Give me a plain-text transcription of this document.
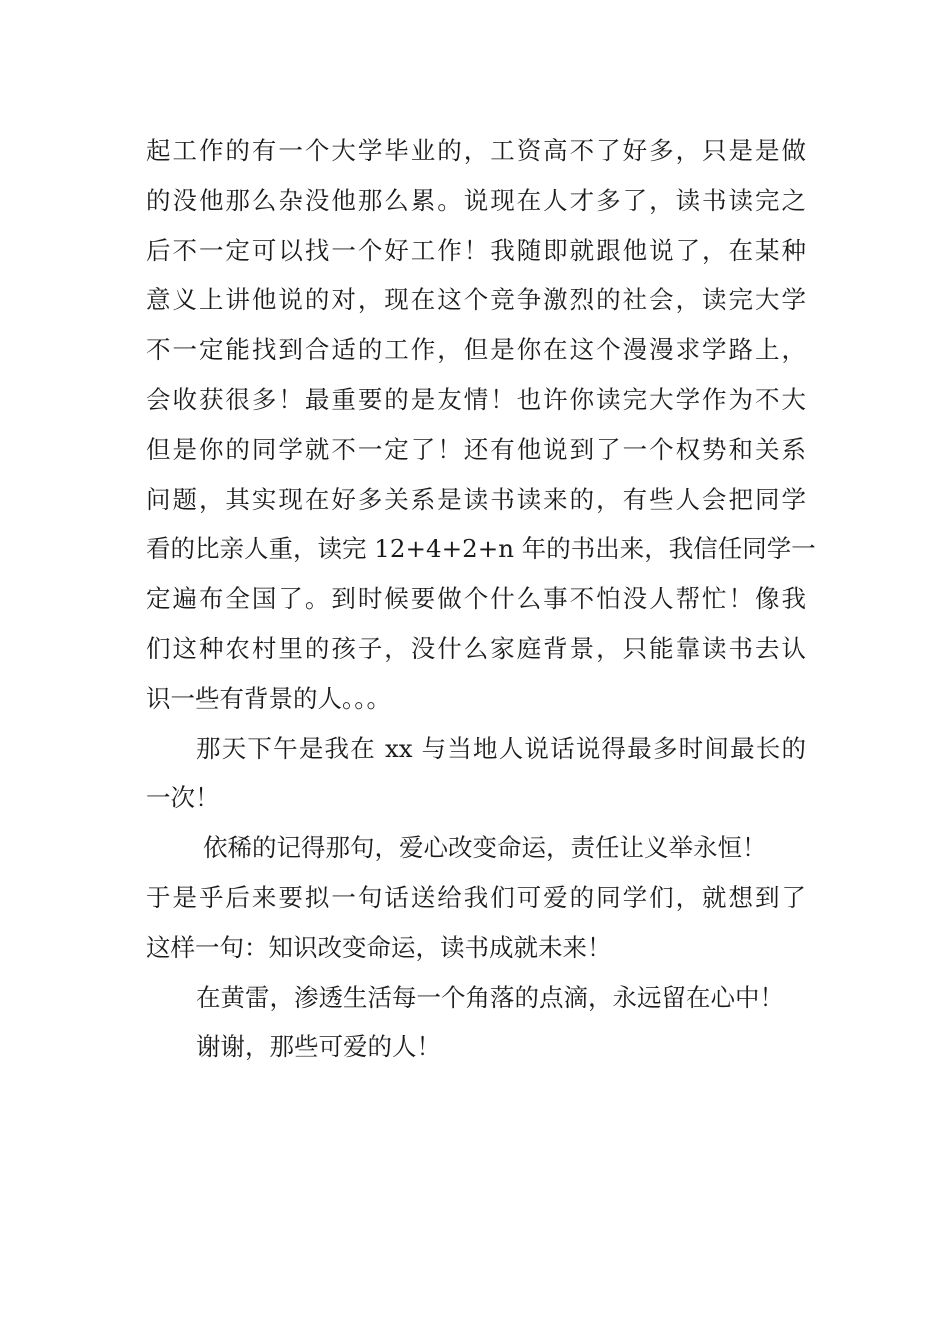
起工作的有一个大学毕业的，工资高不了好多，只是是做
的没他那么杂没他那么累。说现在人才多了，读书读完之
后不一定可以找一个好工作！我随即就跟他说了，在某种
意义上讲他说的对，现在这个竞争激烈的社会，读完大学
不一定能找到合适的工作，但是你在这个漫漫求学路上，
会收获很多！最重要的是友情！也许你读完大学作为不大
但是你的同学就不一定了！还有他说到了一个权势和关系
问题，其实现在好多关系是读书读来的，有些人会把同学
看的比亲人重，读完 12+4+2+n 年的书出来，我信任同学一
定遍布全国了。到时候要做个什么事不怕没人帮忙！像我
们这种农村里的孩子，没什么家庭背景，只能靠读书去认
识一些有背景的人。。。
那天下午是我在 xx 与当地人说话说得最多时间最长的
一次！
依稀的记得那句，爱心改变命运，责任让义举永恒！
于是乎后来要拟一句话送给我们可爱的同学们，就想到了
这样一句：知识改变命运，读书成就未来！
在黄雷，渗透生活每一个角落的点滴，永远留在心中！
谢谢，那些可爱的人！
